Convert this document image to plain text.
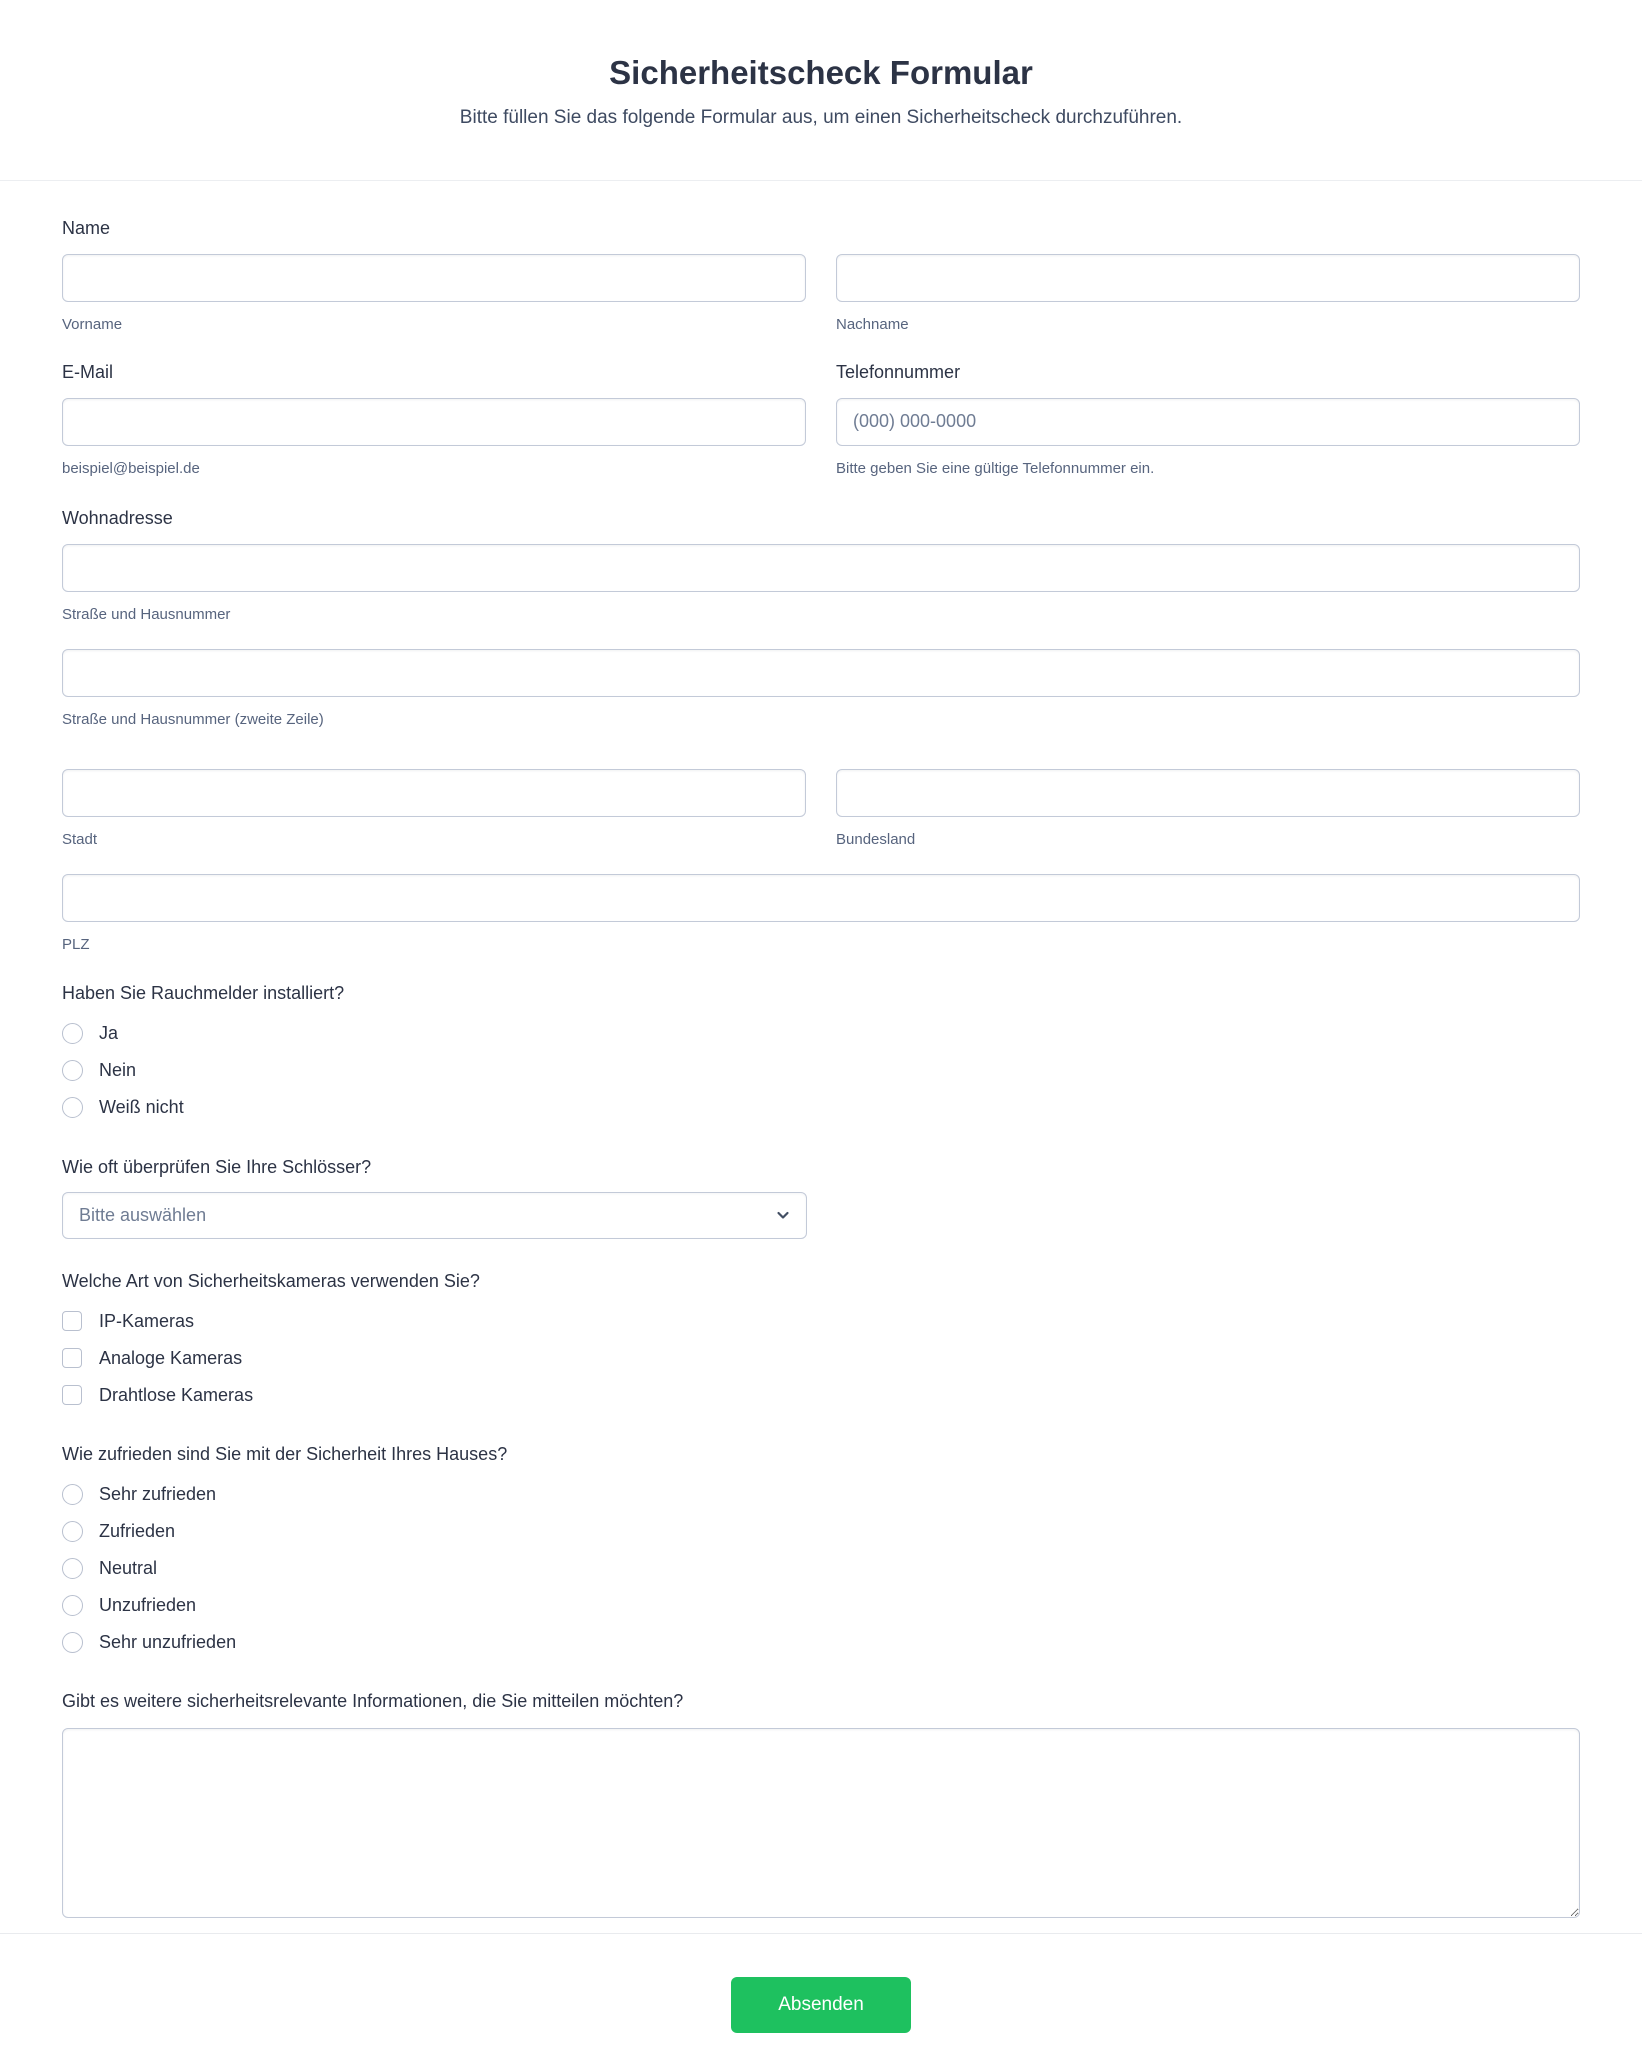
Sicherheitscheck Formular
Bitte füllen Sie das folgende Formular aus, um einen Sicherheitscheck durchzuführen.
Name
Vorname	Nachname
E-Mail
beispiel@beispiel.de
Telefonnummer
(000) 000-0000
Bitte geben Sie eine gültige Telefonnummer ein.
Wohnadresse
Straße und Hausnummer
Straße und Hausnummer (zweite Zeile)
Stadt	Bundesland
PLZ
Haben Sie Rauchmelder installiert?
Ja
Nein
Weiß nicht
Wie oft überprüfen Sie Ihre Schlösser?
Bitte auswählen
Welche Art von Sicherheitskameras verwenden Sie?
IP-Kameras
Analoge Kameras
Drahtlose Kameras
Wie zufrieden sind Sie mit der Sicherheit Ihres Hauses?
Sehr zufrieden
Zufrieden
Neutral
Unzufrieden
Sehr unzufrieden
Gibt es weitere sicherheitsrelevante Informationen, die Sie mitteilen möchten?
Absenden
